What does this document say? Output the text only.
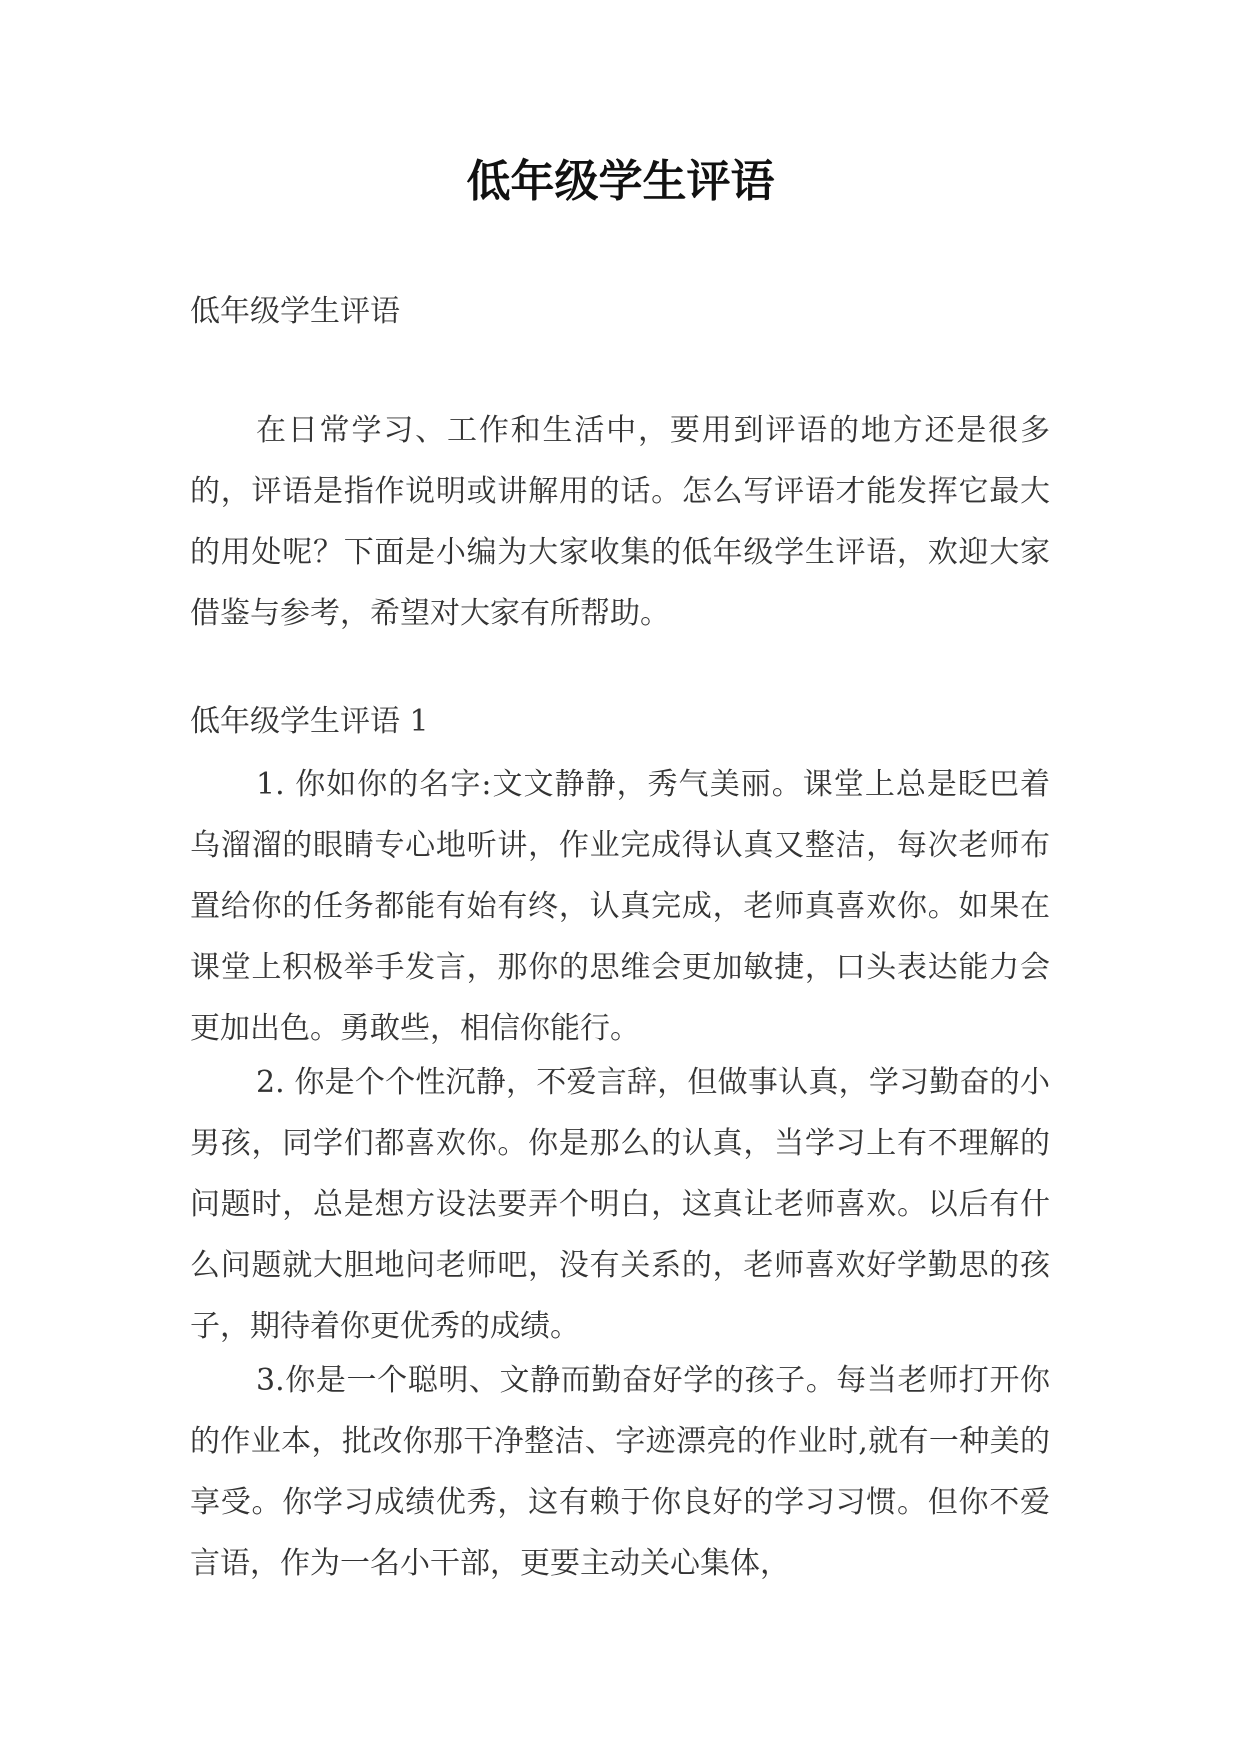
低年级学生评语
低年级学生评语

在日常学习、工作和生活中，要用到评语的地方还是很多的，评语是指作说明或讲解用的话。怎么写评语才能发挥它最大的用处呢？下面是小编为大家收集的低年级学生评语，欢迎大家借鉴与参考，希望对大家有所帮助。

低年级学生评语 1

1. 你如你的名字:文文静静，秀气美丽。课堂上总是眨巴着乌溜溜的眼睛专心地听讲，作业完成得认真又整洁，每次老师布置给你的任务都能有始有终，认真完成，老师真喜欢你。如果在课堂上积极举手发言，那你的思维会更加敏捷，口头表达能力会更加出色。勇敢些，相信你能行。

2. 你是个个性沉静，不爱言辞，但做事认真，学习勤奋的小男孩，同学们都喜欢你。你是那么的认真，当学习上有不理解的问题时，总是想方设法要弄个明白，这真让老师喜欢。以后有什么问题就大胆地问老师吧，没有关系的，老师喜欢好学勤思的孩子，期待着你更优秀的成绩。

3.你是一个聪明、文静而勤奋好学的孩子。每当老师打开你的作业本，批改你那干净整洁、字迹漂亮的作业时,就有一种美的享受。你学习成绩优秀，这有赖于你良好的学习习惯。但你不爱言语，作为一名小干部，更要主动关心集体，
